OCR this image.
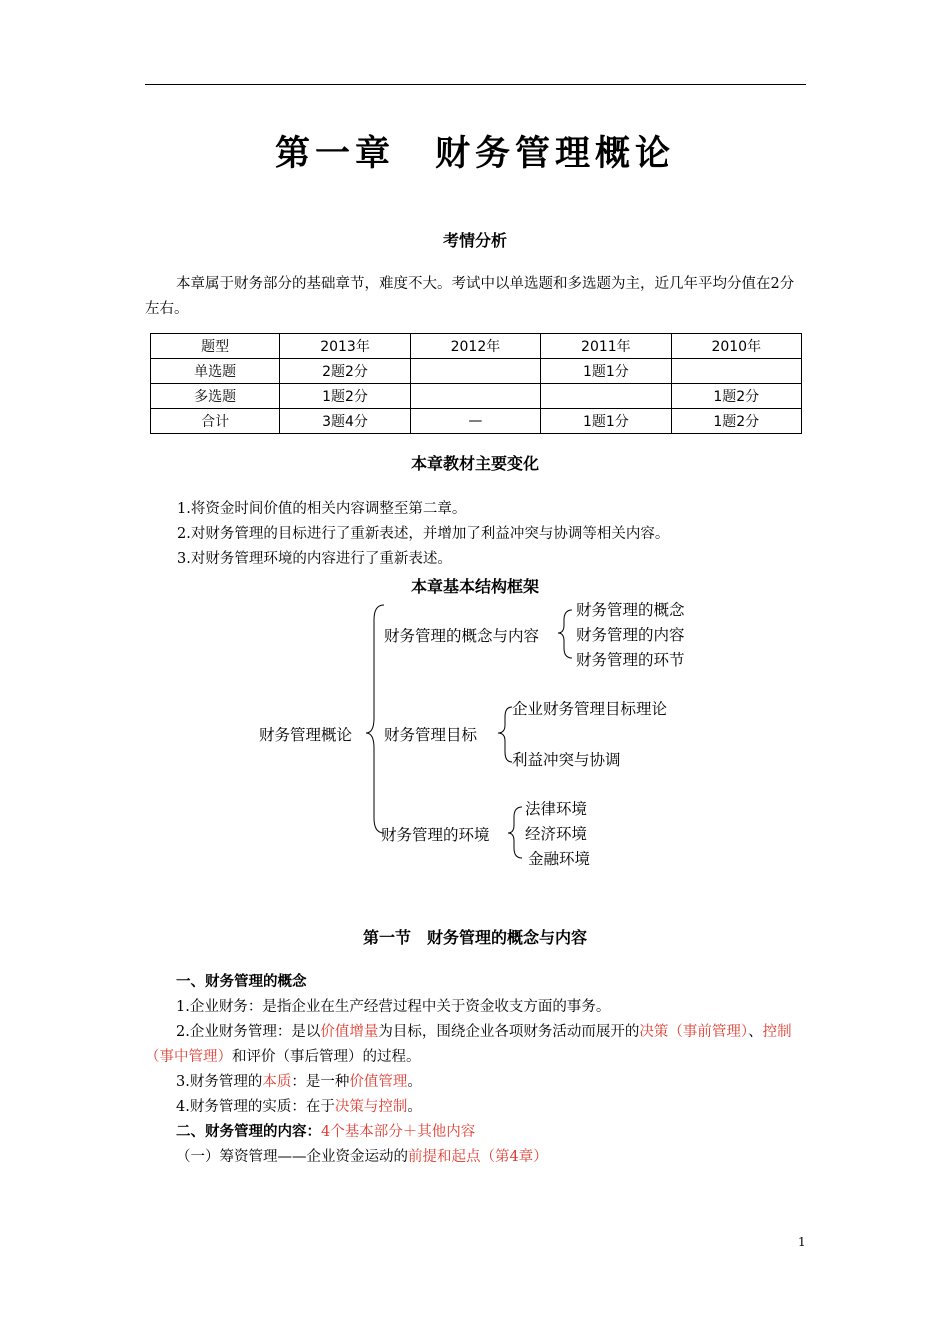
第一章　财务管理概论
考情分析
本章属于财务部分的基础章节，难度不大。考试中以单选题和多选题为主，近几年平均分值在2分左右。
题型	2013年	2012年	2011年	2010年
单选题	2题2分		1题1分	
多选题	1题2分			1题2分
合计	3题4分	—	1题1分	1题2分
本章教材主要变化
1.将资金时间价值的相关内容调整至第二章。
2.对财务管理的目标进行了重新表述，并增加了利益冲突与协调等相关内容。
3.对财务管理环境的内容进行了重新表述。
本章基本结构框架
财务管理概论
财务管理的概念与内容
财务管理目标
财务管理的环境
财务管理的概念
财务管理的内容
财务管理的环节
企业财务管理目标理论
利益冲突与协调
法律环境
经济环境
金融环境
第一节　财务管理的概念与内容
一、财务管理的概念
1.企业财务：是指企业在生产经营过程中关于资金收支方面的事务。
2.企业财务管理：是以价值增量为目标，围绕企业各项财务活动而展开的决策（事前管理）、控制（事中管理）和评价（事后管理）的过程。
3.财务管理的本质：是一种价值管理。
4.财务管理的实质：在于决策与控制。
二、财务管理的内容：4个基本部分＋其他内容
（一）筹资管理——企业资金运动的前提和起点（第4章）
1
